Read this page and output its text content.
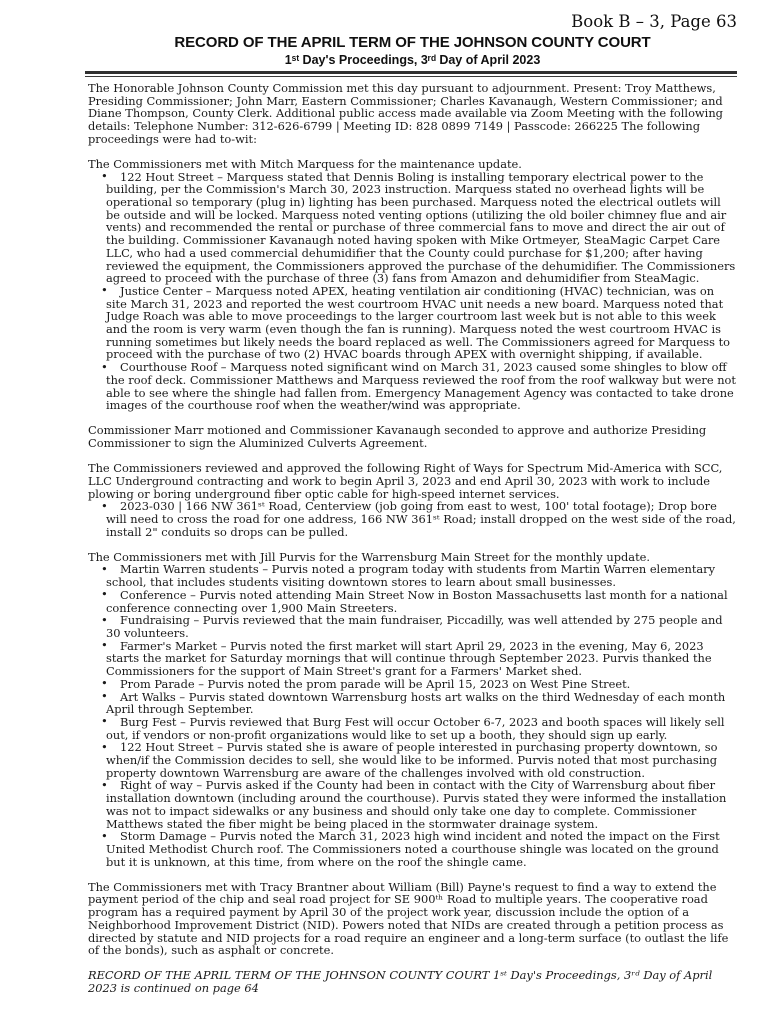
Book B – 3, Page 63
RECORD OF THE APRIL TERM OF THE JOHNSON COUNTY COURT
1ˢᵗ Day's Proceedings, 3ʳᵈ Day of April 2023

The Honorable Johnson County Commission met this day pursuant to adjournment. Present: Troy Matthews, Presiding Commissioner; John Marr, Eastern Commissioner; Charles Kavanaugh, Western Commissioner; and Diane Thompson, County Clerk. Additional public access made available via Zoom Meeting with the following details: Telephone Number: 312-626-6799 | Meeting ID: 828 0899 7149 | Passcode: 266225 The following proceedings were had to-wit:

The Commissioners met with Mitch Marquess for the maintenance update.

• 122 Hout Street – Marquess stated that Dennis Boling is installing temporary electrical power to the building, per the Commission's March 30, 2023 instruction. Marquess stated no overhead lights will be operational so temporary (plug in) lighting has been purchased. Marquess noted the electrical outlets will be outside and will be locked. Marquess noted venting options (utilizing the old boiler chimney flue and air vents) and recommended the rental or purchase of three commercial fans to move and direct the air out of the building. Commissioner Kavanaugh noted having spoken with Mike Ortmeyer, SteaMagic Carpet Care LLC, who had a used commercial dehumidifier that the County could purchase for $1,200; after having reviewed the equipment, the Commissioners approved the purchase of the dehumidifier. The Commissioners agreed to proceed with the purchase of three (3) fans from Amazon and dehumidifier from SteaMagic.
• Justice Center – Marquess noted APEX, heating ventilation air conditioning (HVAC) technician, was on site March 31, 2023 and reported the west courtroom HVAC unit needs a new board. Marquess noted that Judge Roach was able to move proceedings to the larger courtroom last week but is not able to this week and the room is very warm (even though the fan is running). Marquess noted the west courtroom HVAC is running sometimes but likely needs the board replaced as well. The Commissioners agreed for Marquess to proceed with the purchase of two (2) HVAC boards through APEX with overnight shipping, if available.
• Courthouse Roof – Marquess noted significant wind on March 31, 2023 caused some shingles to blow off the roof deck. Commissioner Matthews and Marquess reviewed the roof from the roof walkway but were not able to see where the shingle had fallen from. Emergency Management Agency was contacted to take drone images of the courthouse roof when the weather/wind was appropriate.

Commissioner Marr motioned and Commissioner Kavanaugh seconded to approve and authorize Presiding Commissioner to sign the Aluminized Culverts Agreement.

The Commissioners reviewed and approved the following Right of Ways for Spectrum Mid-America with SCC, LLC Underground contracting and work to begin April 3, 2023 and end April 30, 2023 with work to include plowing or boring underground fiber optic cable for high-speed internet services.

• 2023-030 | 166 NW 361ˢᵗ Road, Centerview (job going from east to west, 100' total footage); Drop bore will need to cross the road for one address, 166 NW 361ˢᵗ Road; install dropped on the west side of the road, install 2" conduits so drops can be pulled.

The Commissioners met with Jill Purvis for the Warrensburg Main Street for the monthly update.

• Martin Warren students – Purvis noted a program today with students from Martin Warren elementary school, that includes students visiting downtown stores to learn about small businesses.
• Conference – Purvis noted attending Main Street Now in Boston Massachusetts last month for a national conference connecting over 1,900 Main Streeters.
• Fundraising – Purvis reviewed that the main fundraiser, Piccadilly, was well attended by 275 people and 30 volunteers.
• Farmer's Market – Purvis noted the first market will start April 29, 2023 in the evening, May 6, 2023 starts the market for Saturday mornings that will continue through September 2023. Purvis thanked the Commissioners for the support of Main Street's grant for a Farmers' Market shed.
• Prom Parade – Purvis noted the prom parade will be April 15, 2023 on West Pine Street.
• Art Walks – Purvis stated downtown Warrensburg hosts art walks on the third Wednesday of each month April through September.
• Burg Fest – Purvis reviewed that Burg Fest will occur October 6-7, 2023 and booth spaces will likely sell out, if vendors or non-profit organizations would like to set up a booth, they should sign up early.
• 122 Hout Street – Purvis stated she is aware of people interested in purchasing property downtown, so when/if the Commission decides to sell, she would like to be informed. Purvis noted that most purchasing property downtown Warrensburg are aware of the challenges involved with old construction.
• Right of way – Purvis asked if the County had been in contact with the City of Warrensburg about fiber installation downtown (including around the courthouse). Purvis stated they were informed the installation was not to impact sidewalks or any business and should only take one day to complete. Commissioner Matthews stated the fiber might be being placed in the stormwater drainage system.
• Storm Damage – Purvis noted the March 31, 2023 high wind incident and noted the impact on the First United Methodist Church roof. The Commissioners noted a courthouse shingle was located on the ground but it is unknown, at this time, from where on the roof the shingle came.

The Commissioners met with Tracy Brantner about William (Bill) Payne's request to find a way to extend the payment period of the chip and seal road project for SE 900ᵗʰ Road to multiple years. The cooperative road program has a required payment by April 30 of the project work year, discussion include the option of a Neighborhood Improvement District (NID). Powers noted that NIDs are created through a petition process as directed by statute and NID projects for a road require an engineer and a long-term surface (to outlast the life of the bonds), such as asphalt or concrete.

RECORD OF THE APRIL TERM OF THE JOHNSON COUNTY COURT 1ˢᵗ Day's Proceedings, 3ʳᵈ Day of April 2023 is continued on page 64
